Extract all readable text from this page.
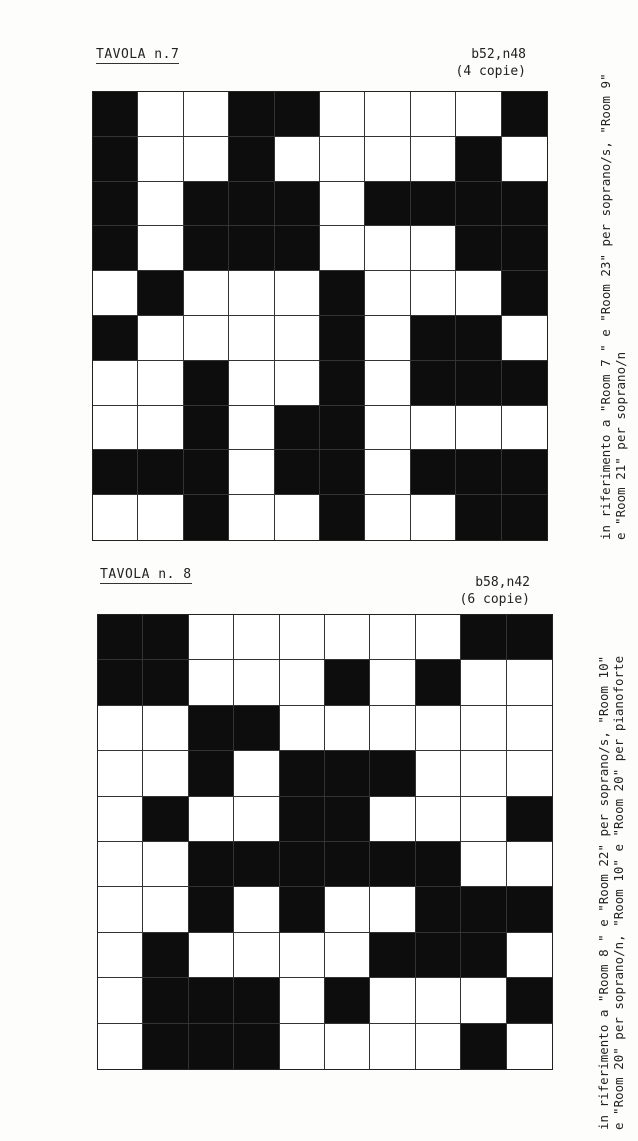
TAVOLA n.7	b52,n48
(4 copie)
in riferimento a "Room 7 " e "Room 23" per soprano/s, "Room 9" e "Room 21" per soprano/n
TAVOLA n. 8
b58,n42
(6 copie)
in riferimento a "Room 8 " e "Room 22" per soprano/s, "Room 10" e "Room 20" per soprano/n, "Room 10" e "Room 20" per pianoforte
